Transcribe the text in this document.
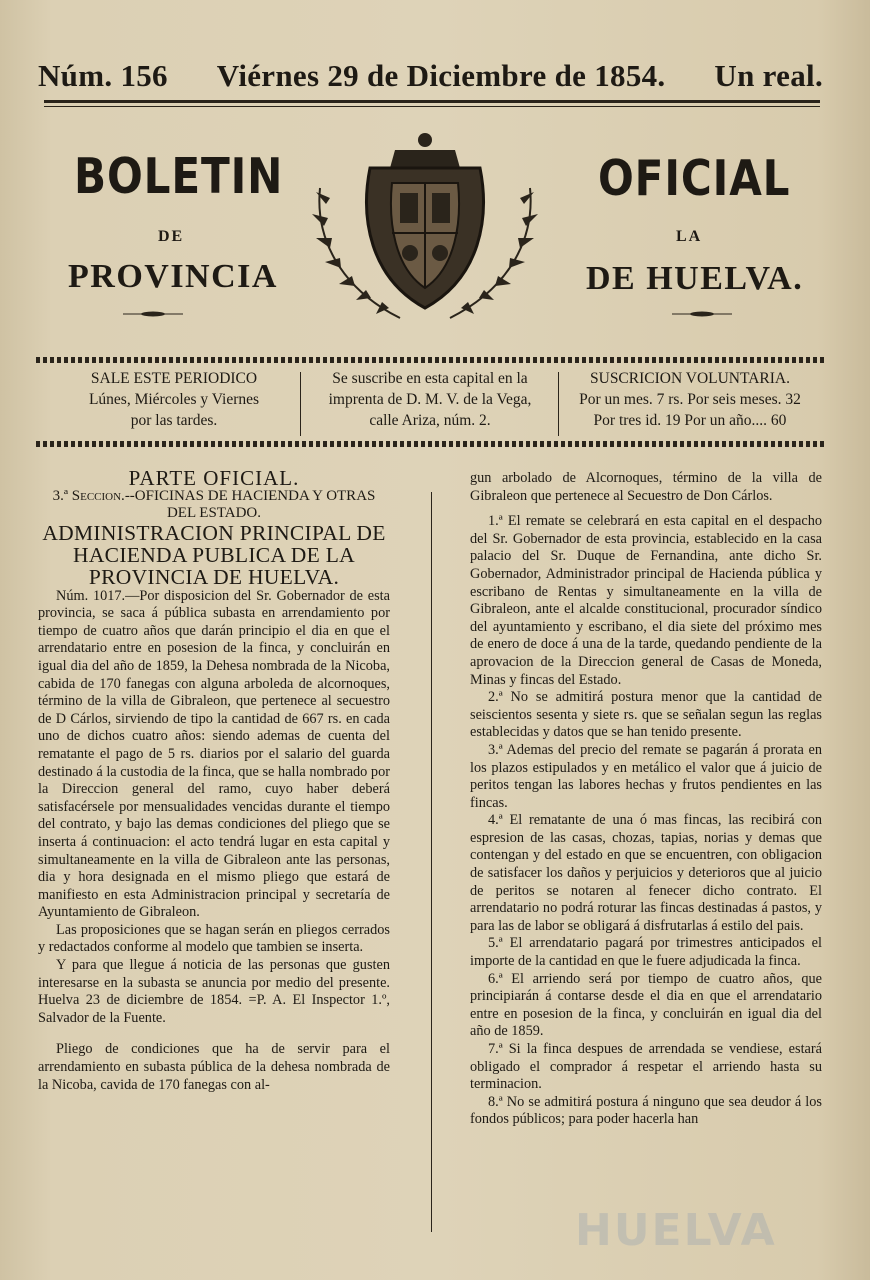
Núm. 156 Viérnes 29 de Diciembre de 1854. Un real.
BOLETIN	OFICIAL
DE	LA
PROVINCIA	DE HUELVA.
SALE ESTE PERIODICO
Lúnes, Miércoles y Viernes
por las tardes.
Se suscribe en esta capital en la
imprenta de D. M. V. de la Vega,
calle Ariza, núm. 2.
SUSCRICION VOLUNTARIA.
Por un mes. 7 rs. Por seis meses. 32
Por tres id. 19 Por un año.... 60

PARTE OFICIAL.

3.ª Seccion.--OFICINAS DE HACIENDA Y OTRAS
DEL ESTADO.

ADMINISTRACION PRINCIPAL DE HACIENDA PUBLICA DE LA PROVINCIA DE HUELVA.

Núm. 1017.—Por disposicion del Sr. Gobernador de esta provincia, se saca á pública subasta en arrendamiento por tiempo de cuatro años que darán principio el dia en que el arrendatario entre en posesion de la finca, y concluirán en igual dia del año de 1859, la Dehesa nombrada de la Nicoba, cabida de 170 fanegas con alguna arboleda de alcornoques, término de la villa de Gibraleon, que pertenece al secuestro de D Cárlos, sirviendo de tipo la cantidad de 667 rs. en cada uno de dichos cuatro años: siendo ademas de cuenta del rematante el pago de 5 rs. diarios por el salario del guarda destinado á la custodia de la finca, que se halla nombrado por la Direccion general del ramo, cuyo haber deberá satisfacérsele por mensualidades vencidas durante el tiempo del contrato, y bajo las demas condiciones del pliego que se inserta á continuacion: el acto tendrá lugar en esta capital y simultaneamente en la villa de Gibraleon ante las personas, dia y hora designada en el mismo pliego que estará de manifiesto en esta Administracion principal y secretaría de Ayuntamiento de Gibraleon.

Las proposiciones que se hagan serán en pliegos cerrados y redactados conforme al modelo que tambien se inserta.

Y para que llegue á noticia de las personas que gusten interesarse en la subasta se anuncia por medio del presente. Huelva 23 de diciembre de 1854. =P. A. El Inspector 1.º, Salvador de la Fuente.

Pliego de condiciones que ha de servir para el arrendamiento en subasta pública de la dehesa nombrada de la Nicoba, cavida de 170 fanegas con al-

gun arbolado de Alcornoques, término de la villa de Gibraleon que pertenece al Secuestro de Don Cárlos.

1.ª El remate se celebrará en esta capital en el despacho del Sr. Gobernador de esta provincia, establecido en la casa palacio del Sr. Duque de Fernandina, ante dicho Sr. Gobernador, Administrador principal de Hacienda pública y escribano de Rentas y simultaneamente en la villa de Gibraleon, ante el alcalde constitucional, procurador síndico del ayuntamiento y escribano, el dia siete del próximo mes de enero de doce á una de la tarde, quedando pendiente de la aprovacion de la Direccion general de Casas de Moneda, Minas y fincas del Estado.

2.ª No se admitirá postura menor que la cantidad de seiscientos sesenta y siete rs. que se señalan segun las reglas establecidas y datos que se han tenido presente.

3.ª Ademas del precio del remate se pagarán á prorata en los plazos estipulados y en metálico el valor que á juicio de peritos tengan las labores hechas y frutos pendientes en las fincas.

4.ª El rematante de una ó mas fincas, las recibirá con espresion de las casas, chozas, tapias, norias y demas que contengan y del estado en que se encuentren, con obligacion de satisfacer los daños y perjuicios y deterioros que al juicio de peritos se notaren al fenecer dicho contrato. El arrendatario no podrá roturar las fincas destinadas á pastos, y para las de labor se obligará á disfrutarlas á estilo del pais.

5.ª El arrendatario pagará por trimestres anticipados el importe de la cantidad en que le fuere adjudicada la finca.

6.ª El arriendo será por tiempo de cuatro años, que principiarán á contarse desde el dia en que el arrendatario entre en posesion de la finca, y concluirán en igual dia del año de 1859.

7.ª Si la finca despues de arrendada se vendiese, estará obligado el comprador á respetar el arriendo hasta su terminacion.

8.ª No se admitirá postura á ninguno que sea deudor á los fondos públicos; para poder hacerla han

HUELVA
